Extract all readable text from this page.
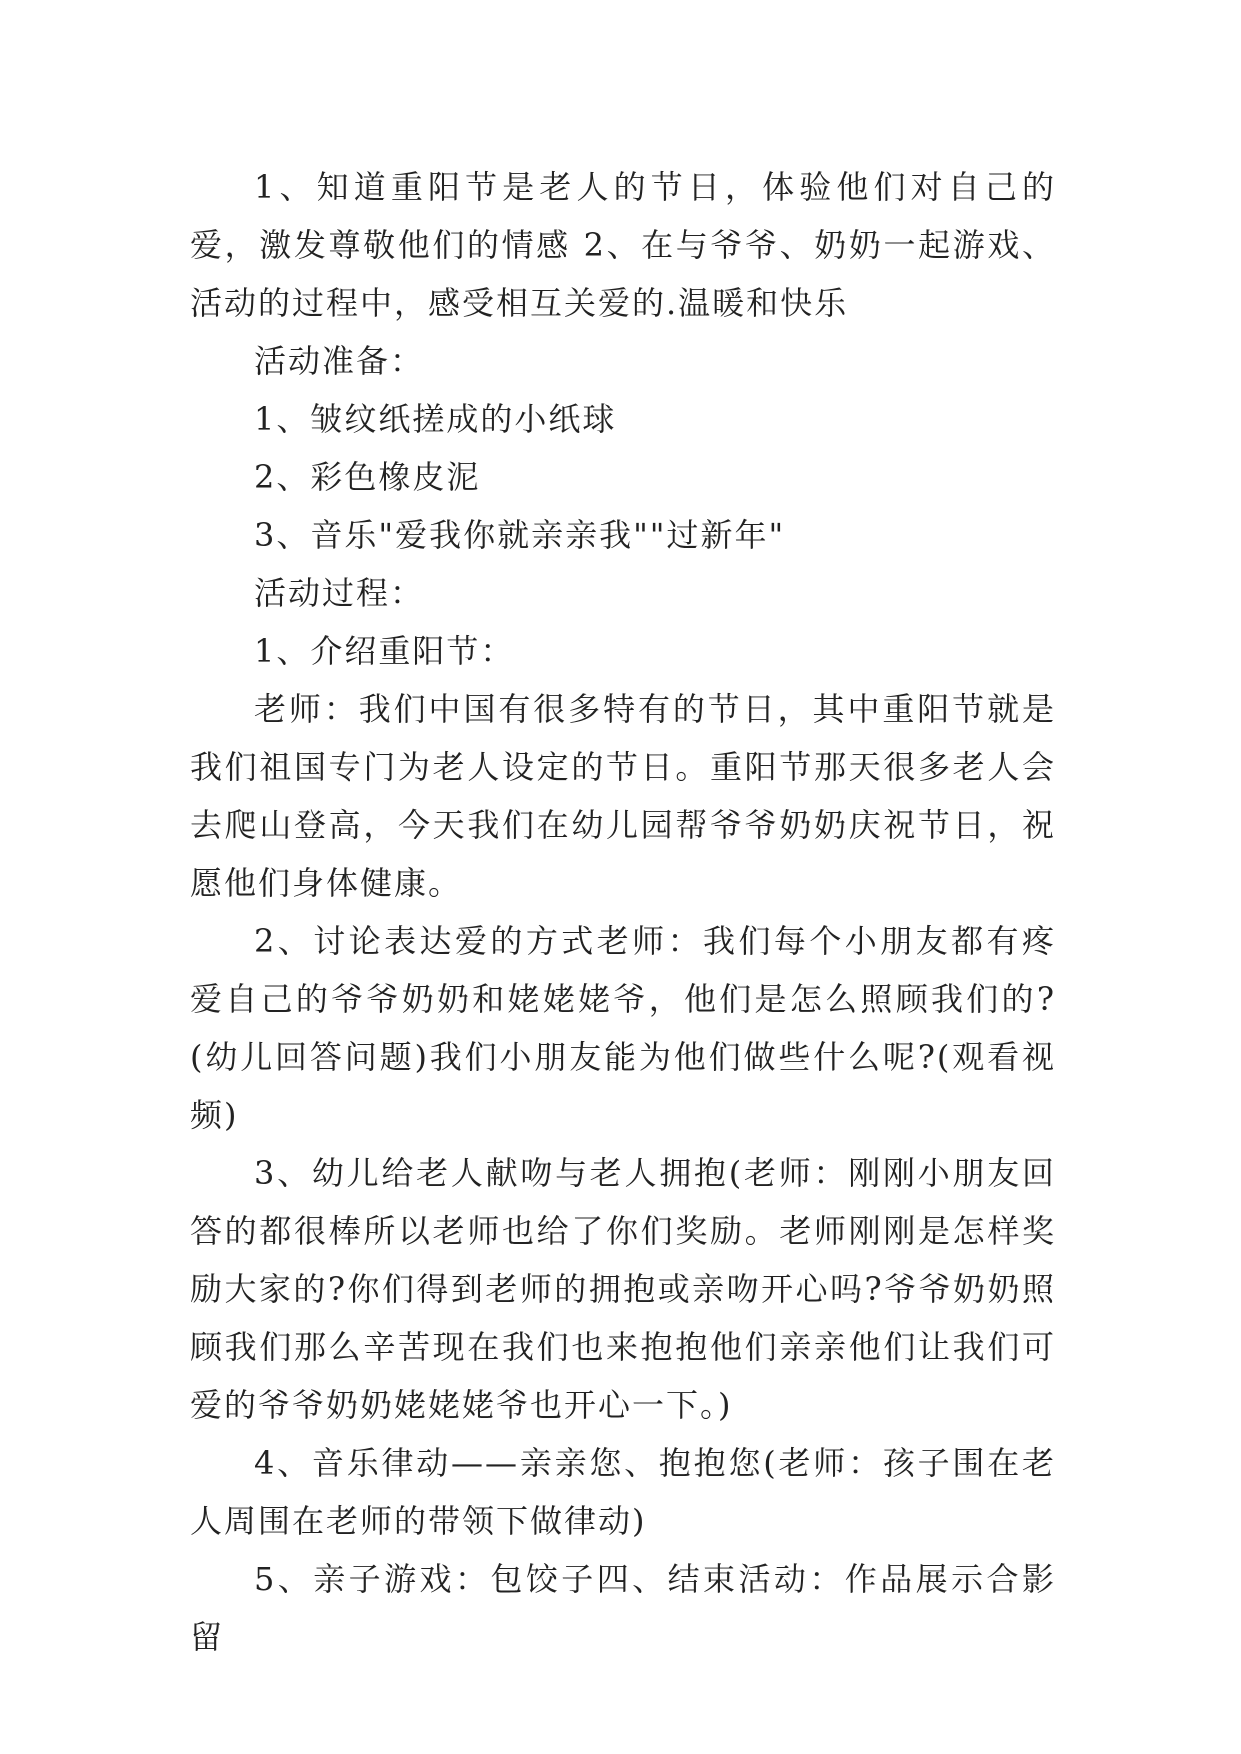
1、知道重阳节是老人的节日，体验他们对自己的爱，激发尊敬他们的情感 2、在与爷爷、奶奶一起游戏、活动的过程中，感受相互关爱的.温暖和快乐

活动准备：

1、皱纹纸搓成的小纸球

2、彩色橡皮泥

3、音乐"爱我你就亲亲我""过新年"

活动过程：

1、介绍重阳节：

老师：我们中国有很多特有的节日，其中重阳节就是我们祖国专门为老人设定的节日。重阳节那天很多老人会去爬山登高，今天我们在幼儿园帮爷爷奶奶庆祝节日，祝愿他们身体健康。

2、讨论表达爱的方式老师：我们每个小朋友都有疼爱自己的爷爷奶奶和姥姥姥爷，他们是怎么照顾我们的?(幼儿回答问题)我们小朋友能为他们做些什么呢?(观看视频)

3、幼儿给老人献吻与老人拥抱(老师：刚刚小朋友回答的都很棒所以老师也给了你们奖励。老师刚刚是怎样奖励大家的?你们得到老师的拥抱或亲吻开心吗?爷爷奶奶照顾我们那么辛苦现在我们也来抱抱他们亲亲他们让我们可爱的爷爷奶奶姥姥姥爷也开心一下。)

4、音乐律动——亲亲您、抱抱您(老师：孩子围在老人周围在老师的带领下做律动)

5、亲子游戏：包饺子四、结束活动：作品展示合影留
